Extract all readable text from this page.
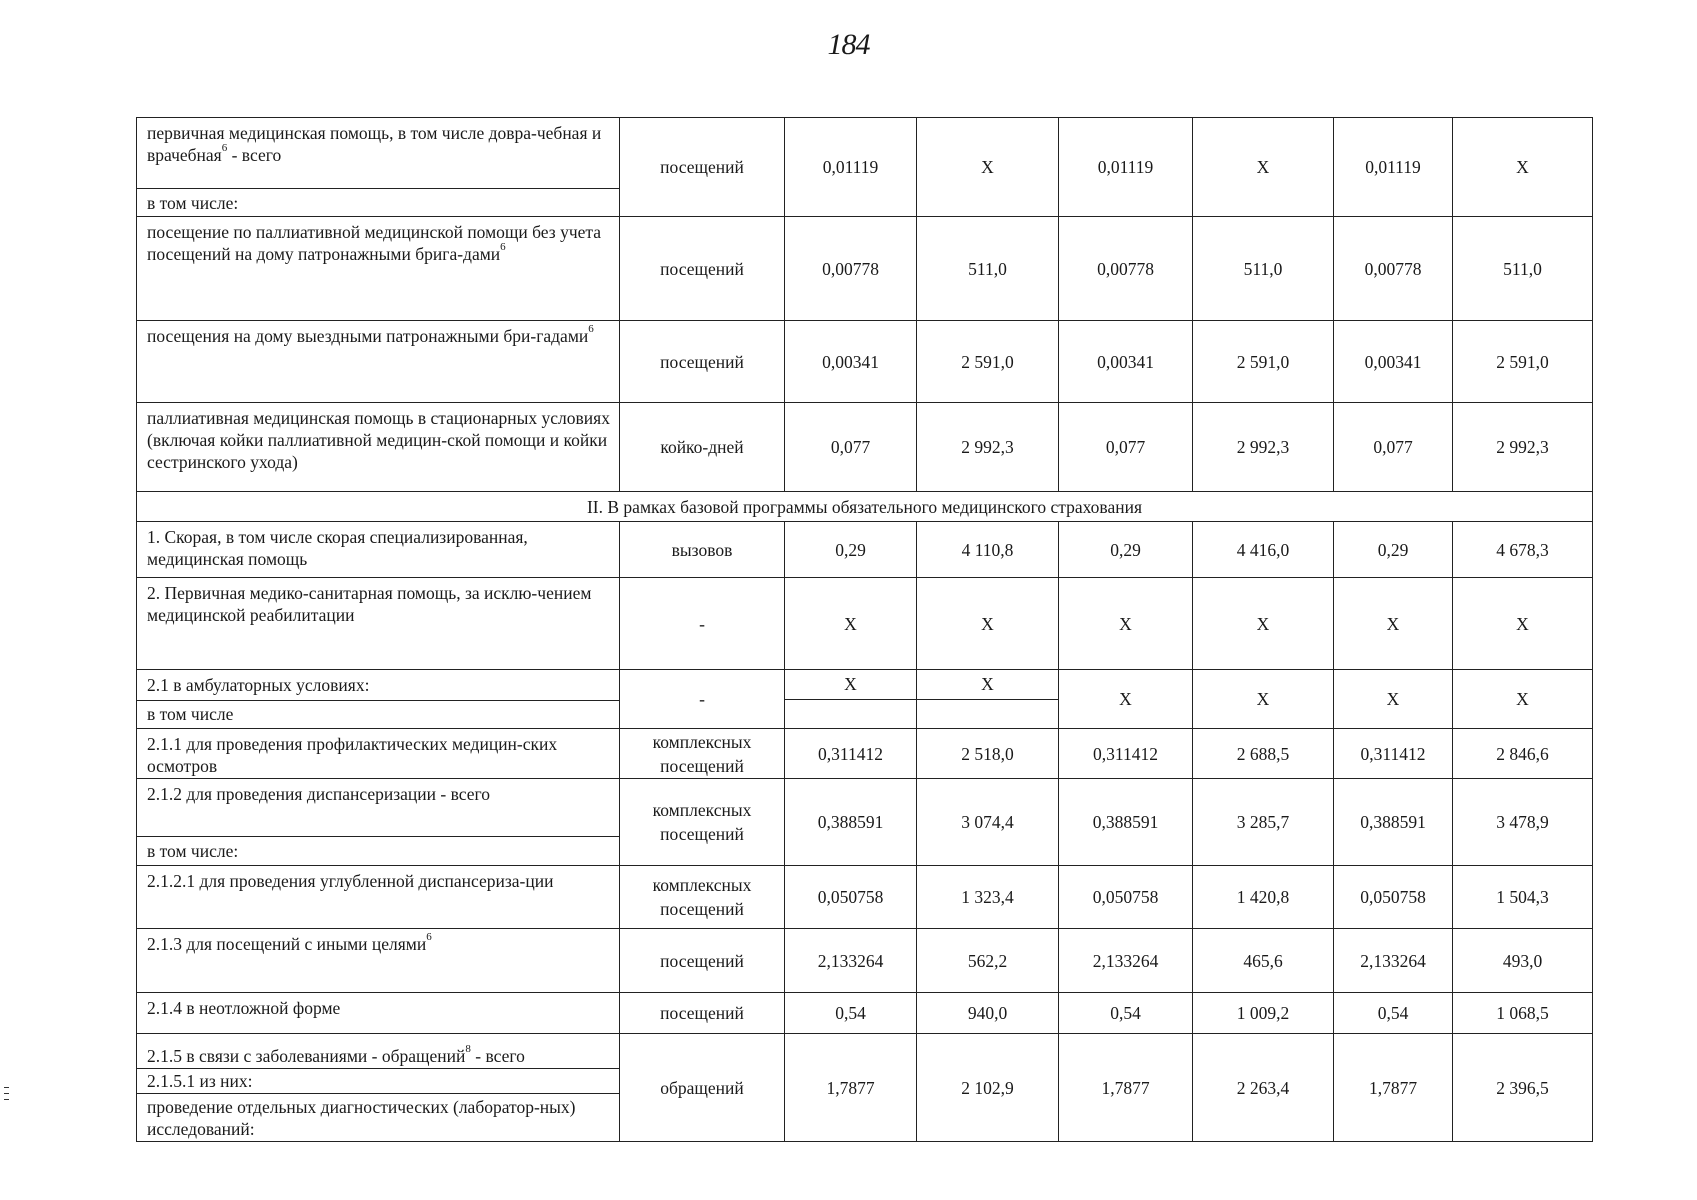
184
первичная медицинская помощь, в том числе довра-чебная и врачебная$^6$ - всего	посещений	0,01119	Х	0,01119	Х	0,01119	Х
в том числе:							
посещение по паллиативной медицинской помощи без учета посещений на дому патронажными брига-дами$^6$	посещений	0,00778	511,0	0,00778	511,0	0,00778	511,0
посещения на дому выездными патронажными бри-гадами$^6$	посещений	0,00341	2 591,0	0,00341	2 591,0	0,00341	2 591,0
паллиативная медицинская помощь в стационарных условиях (включая койки паллиативной медицин-ской помощи и койки сестринского ухода)	койко-дней	0,077	2 992,3	0,077	2 992,3	0,077	2 992,3
II. В рамках базовой программы обязательного медицинского страхования							
1. Скорая, в том числе скорая специализированная, медицинская помощь	вызовов	0,29	4 110,8	0,29	4 416,0	0,29	4 678,3
2. Первичная медико-санитарная помощь, за исклю-чением медицинской реабилитации	-	Х	Х	Х	Х	Х	Х
2.1 в амбулаторных условиях:	-	Х	Х	Х	Х	Х	Х
в том числе							
2.1.1 для проведения профилактических медицин-ских осмотров	комплексных посещений	0,311412	2 518,0	0,311412	2 688,5	0,311412	2 846,6
2.1.2 для проведения диспансеризации - всего	комплексных посещений	0,388591	3 074,4	0,388591	3 285,7	0,388591	3 478,9
в том числе:							
2.1.2.1 для проведения углубленной диспансериза-ции	комплексных посещений	0,050758	1 323,4	0,050758	1 420,8	0,050758	1 504,3
2.1.3 для посещений с иными целями$^6$	посещений	2,133264	562,2	2,133264	465,6	2,133264	493,0
2.1.4 в неотложной форме	посещений	0,54	940,0	0,54	1 009,2	0,54	1 068,5
2.1.5 в связи с заболеваниями - обращений$^8$ - всего	обращений	1,7877	2 102,9	1,7877	2 263,4	1,7877	2 396,5
2.1.5.1 из них:							
проведение отдельных диагностических (лаборатор-ных) исследований:							
